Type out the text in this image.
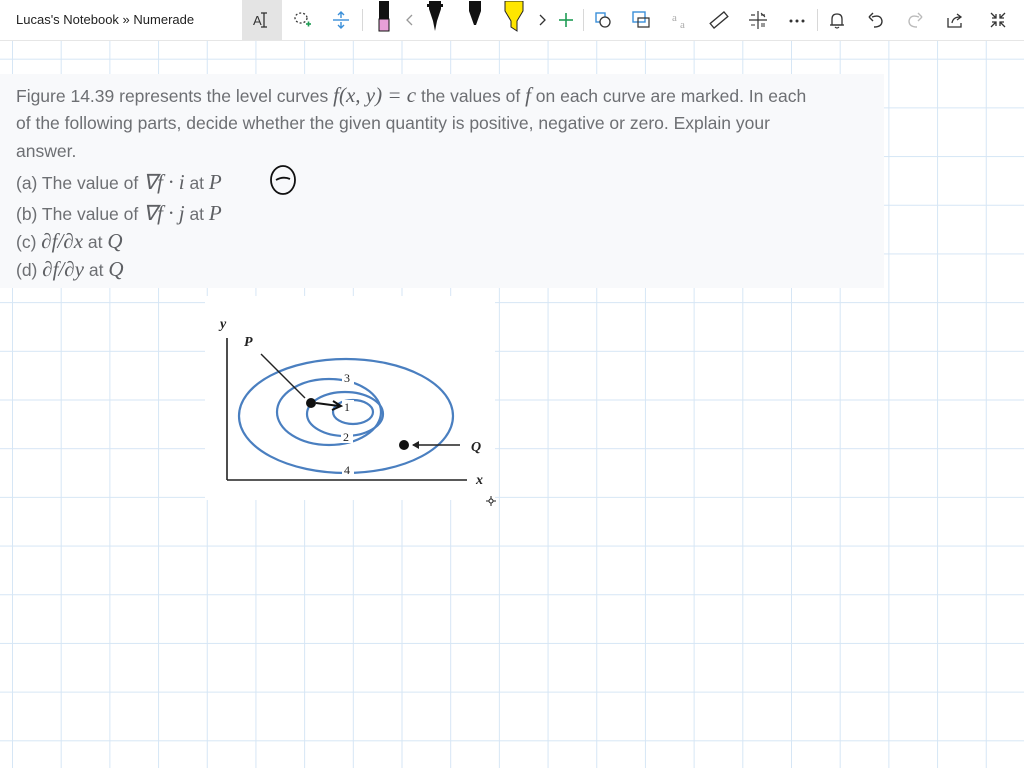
Lucas's Notebook » Numerade	A	a
a

Figure 14.39 represents the level curves f(x, y) = c the values of f on each curve are marked. In each

of the following parts, decide whether the given quantity is positive, negative or zero. Explain your

answer.

(a) The value of ∇f · i at P

(b) The value of ∇f · j at P

(c) ∂f/∂x at Q

(d) ∂f/∂y at Q

y
x
3
1
2
4
P
Q
